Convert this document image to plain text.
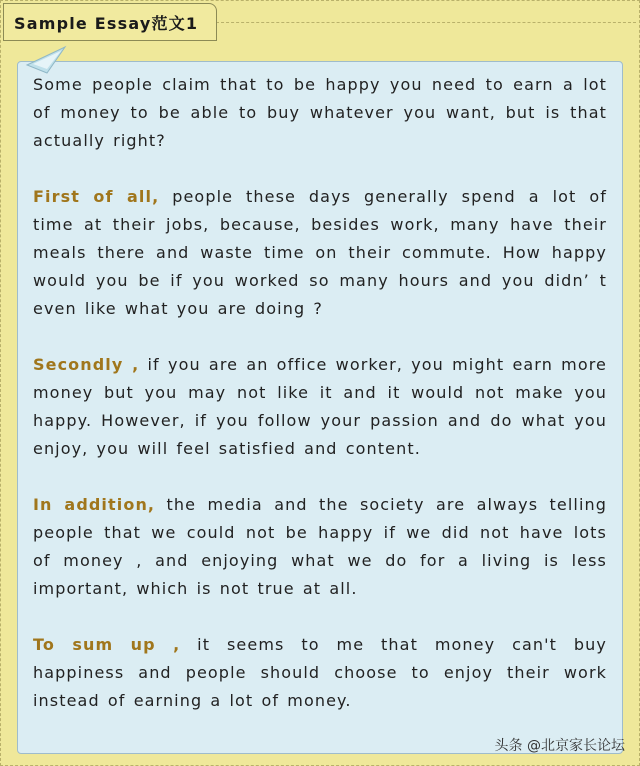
Sample Essay范文1

Some people claim that to be happy you need to earn a lot of money to be able to buy whatever you want, but is that actually right?

First of all, people these days generally spend a lot of time at their jobs, because, besides work, many have their meals there and waste time on their commute. How happy would you be if you worked so many hours and you didn’ t even like what you are doing ?

Secondly , if you are an office worker, you might earn more money but you may not like it and it would not make you happy. However, if you follow your passion and do what you enjoy, you will feel satisfied and content.

In addition, the media and the society are always telling people that we could not be happy if we did not have lots of money , and enjoying what we do for a living is less important, which is not true at all.

To sum up , it seems to me that money can't buy happiness and people should choose to enjoy their work instead of earning a lot of money.

头条 @北京家长论坛
